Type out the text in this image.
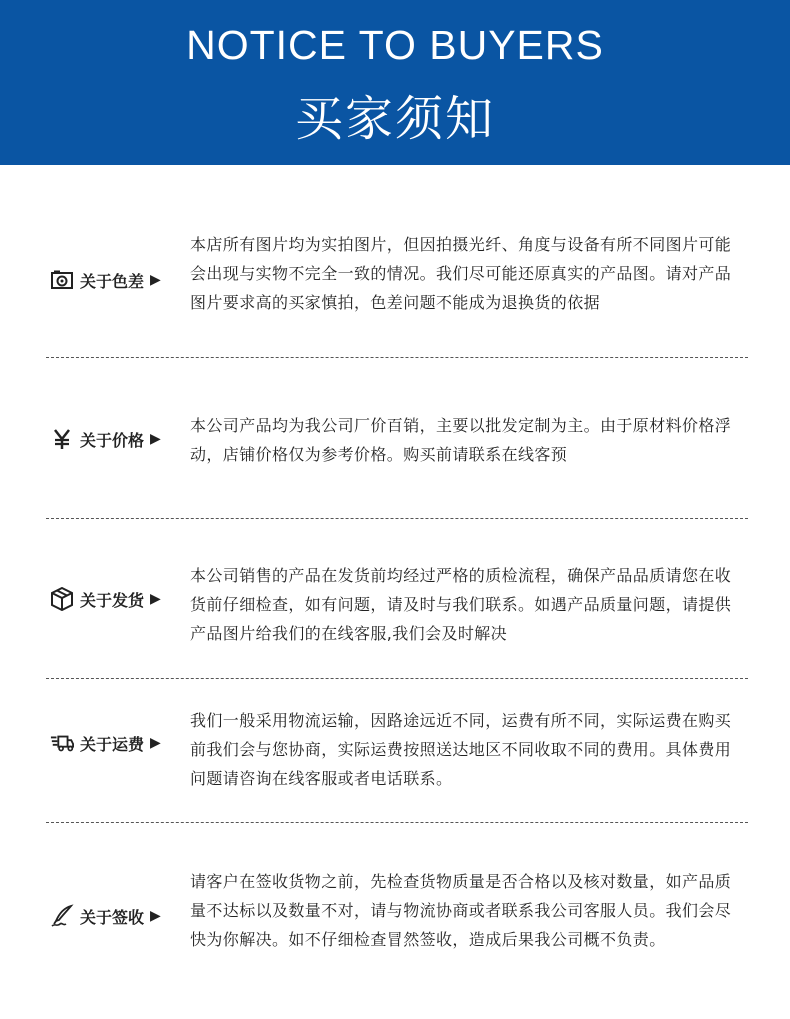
NOTICE TO BUYERS
买家须知
关于色差 ▶
本店所有图片均为实拍图片，但因拍摄光纤、角度与设备有所不同图片可能会出现与实物不完全一致的情况。我们尽可能还原真实的产品图。请对产品图片要求高的买家慎拍，色差问题不能成为退换货的依据
关于价格 ▶
本公司产品均为我公司厂价百销，主要以批发定制为主。由于原材料价格浮动，店铺价格仅为参考价格。购买前请联系在线客预
关于发货 ▶
本公司销售的产品在发货前均经过严格的质检流程，确保产品品质请您在收货前仔细检查，如有问题，请及时与我们联系。如遇产品质量问题，请提供产品图片给我们的在线客服,我们会及时解决
关于运费 ▶
我们一般采用物流运输，因路途远近不同，运费有所不同，实际运费在购买前我们会与您协商，实际运费按照送达地区不同收取不同的费用。具体费用问题请咨询在线客服或者电话联系。
关于签收 ▶
请客户在签收货物之前，先检查货物质量是否合格以及核对数量，如产品质量不达标以及数量不对，请与物流协商或者联系我公司客服人员。我们会尽快为你解决。如不仔细检查冒然签收，造成后果我公司概不负责。
